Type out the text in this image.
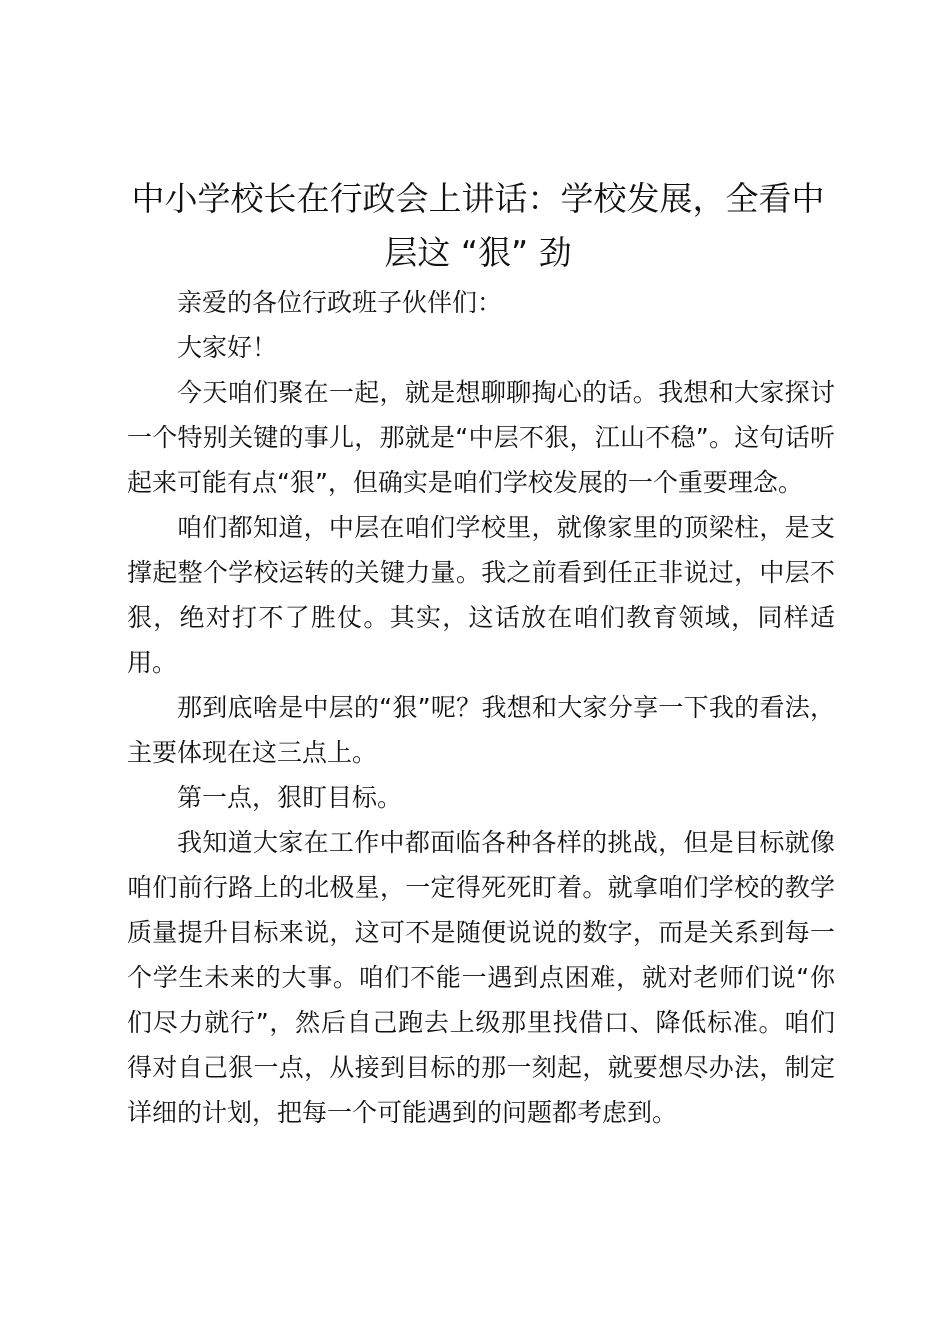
中小学校长在行政会上讲话：学校发展，全看中层这 “狠” 劲

亲爱的各位行政班子伙伴们：

大家好！

今天咱们聚在一起，就是想聊聊掏心的话。我想和大家探讨一个特别关键的事儿，那就是“中层不狠，江山不稳”。这句话听起来可能有点“狠”，但确实是咱们学校发展的一个重要理念。

咱们都知道，中层在咱们学校里，就像家里的顶梁柱，是支撑起整个学校运转的关键力量。我之前看到任正非说过，中层不狠，绝对打不了胜仗。其实，这话放在咱们教育领域，同样适用。

那到底啥是中层的“狠”呢？我想和大家分享一下我的看法，主要体现在这三点上。

第一点，狠盯目标。

我知道大家在工作中都面临各种各样的挑战，但是目标就像咱们前行路上的北极星，一定得死死盯着。就拿咱们学校的教学质量提升目标来说，这可不是随便说说的数字，而是关系到每一个学生未来的大事。咱们不能一遇到点困难，就对老师们说“你们尽力就行”，然后自己跑去上级那里找借口、降低标准。咱们得对自己狠一点，从接到目标的那一刻起，就要想尽办法，制定详细的计划，把每一个可能遇到的问题都考虑到。
